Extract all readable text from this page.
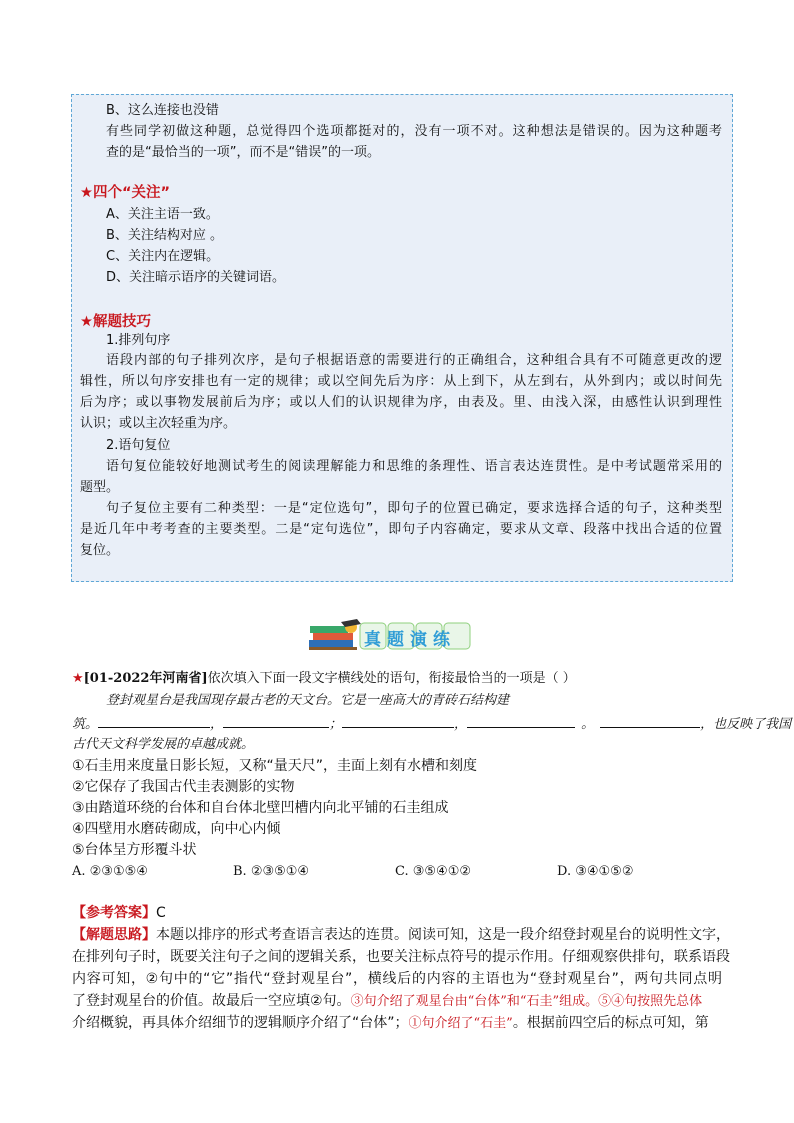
B、这么连接也没错
有些同学初做这种题，总觉得四个选项都挺对的，没有一项不对。这种想法是错误的。因为这种题考
查的是“最恰当的一项”，而不是“错误”的一项。
★四个“关注”
A、关注主语一致。
B、关注结构对应 。
C、关注内在逻辑。
D、关注暗示语序的关键词语。
★解题技巧
1.排列句序
语段内部的句子排列次序，是句子根据语意的需要进行的正确组合，这种组合具有不可随意更改的逻
辑性，所以句序安排也有一定的规律；或以空间先后为序：从上到下，从左到右，从外到内；或以时间先
后为序；或以事物发展前后为序；或以人们的认识规律为序，由表及。里、由浅入深，由感性认识到理性
认识；或以主次轻重为序。
2.语句复位
语句复位能较好地测试考生的阅读理解能力和思维的条理性、语言表达连贯性。是中考试题常采用的
题型。
句子复位主要有二种类型：一是“定位选句”，即句子的位置已确定，要求选择合适的句子，这种类型
是近几年中考考查的主要类型。二是“定句选位”，即句子内容确定，要求从文章、段落中找出合适的位置
复位。
真题演练
★[01-2022年河南省]依次填入下面一段文字横线处的语句，衔接最恰当的一项是（ ）
登封观星台是我国现存最古老的天文台。它是一座高大的青砖石结构建
筑。	，	；	，	。	，也反映了我国
古代天文科学发展的卓越成就。
①石圭用来度量日影长短，又称“量天尺”，圭面上刻有水槽和刻度
②它保存了我国古代圭表测影的实物
③由踏道环绕的台体和自台体北壁凹槽内向北平铺的石圭组成
④四壁用水磨砖砌成，向中心内倾
⑤台体呈方形覆斗状
A. ②③①⑤④	B. ②③⑤①④	C. ③⑤④①②	D. ③④①⑤②
【参考答案】C
【解题思路】本题以排序的形式考查语言表达的连贯。阅读可知，这是一段介绍登封观星台的说明性文字，
在排列句子时，既要关注句子之间的逻辑关系，也要关注标点符号的提示作用。仔细观察供排句，联系语段
内容可知，②句中的“它”指代“登封观星台”，横线后的内容的主语也为“登封观星台”，两句共同点明
了登封观星台的价值。故最后一空应填②句。③句介绍了观星台由“台体”和“石圭”组成。⑤④句按照先总体
介绍概貌，再具体介绍细节的逻辑顺序介绍了“台体”；①句介绍了“石圭”。根据前四空后的标点可知，第
